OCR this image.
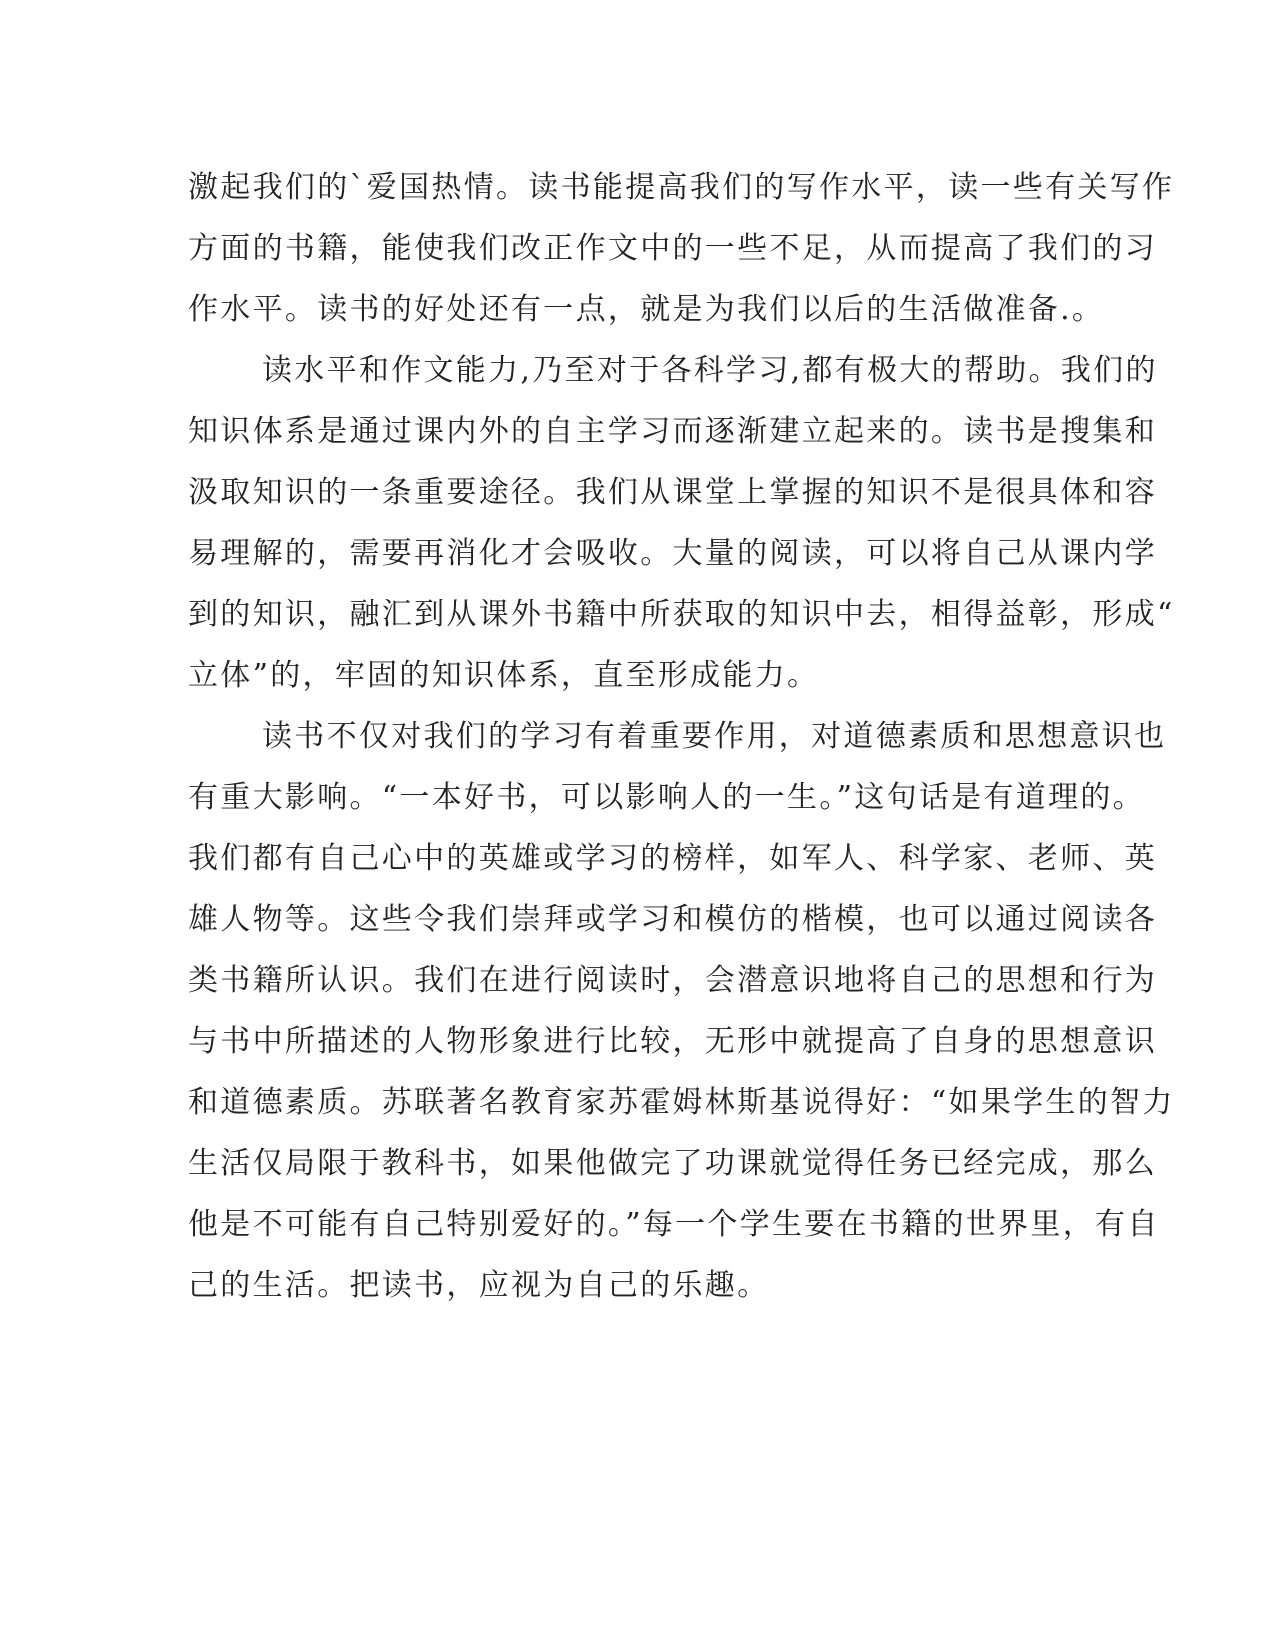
激起我们的`爱国热情。读书能提高我们的写作水平，读一些有关写作
方面的书籍，能使我们改正作文中的一些不足，从而提高了我们的习
作水平。读书的好处还有一点，就是为我们以后的生活做准备.。
读水平和作文能力,乃至对于各科学习,都有极大的帮助。我们的
知识体系是通过课内外的自主学习而逐渐建立起来的。读书是搜集和
汲取知识的一条重要途径。我们从课堂上掌握的知识不是很具体和容
易理解的，需要再消化才会吸收。大量的阅读，可以将自己从课内学
到的知识，融汇到从课外书籍中所获取的知识中去，相得益彰，形成“
立体”的，牢固的知识体系，直至形成能力。
读书不仅对我们的学习有着重要作用，对道德素质和思想意识也
有重大影响。“一本好书，可以影响人的一生。”这句话是有道理的。
我们都有自己心中的英雄或学习的榜样，如军人、科学家、老师、英
雄人物等。这些令我们崇拜或学习和模仿的楷模，也可以通过阅读各
类书籍所认识。我们在进行阅读时，会潜意识地将自己的思想和行为
与书中所描述的人物形象进行比较，无形中就提高了自身的思想意识
和道德素质。苏联著名教育家苏霍姆林斯基说得好：“如果学生的智力
生活仅局限于教科书，如果他做完了功课就觉得任务已经完成，那么
他是不可能有自己特别爱好的。”每一个学生要在书籍的世界里，有自
己的生活。把读书，应视为自己的乐趣。
